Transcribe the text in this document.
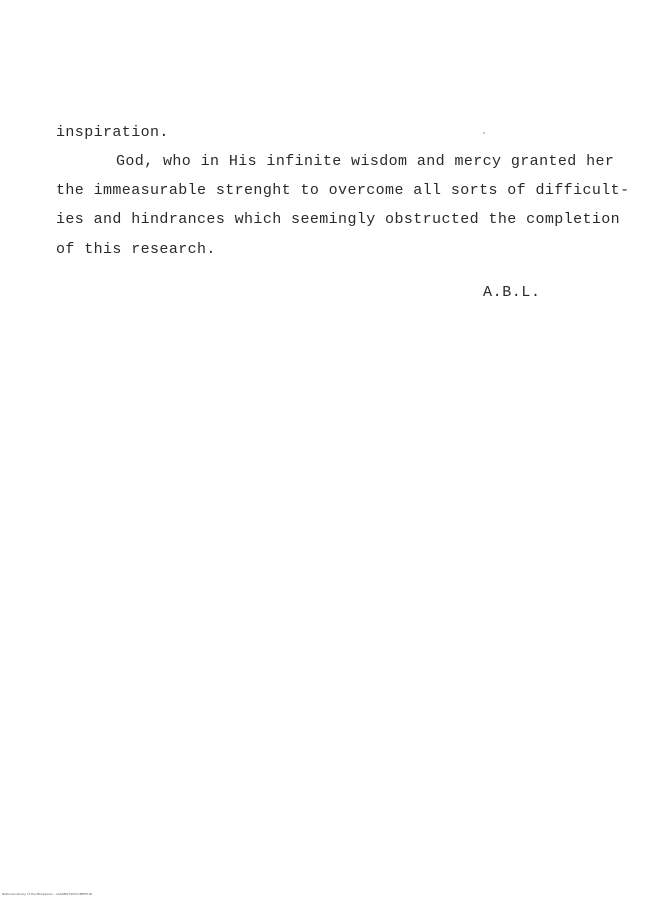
inspiration.
God, who in His infinite wisdom and mercy granted her
the immeasurable strenght to overcome all sorts of difficult-
ies and hindrances which seemingly obstructed the completion
of this research.
A.B.L.
National Library of the Philippines · ALANNOT.DOCUMENT.ID
